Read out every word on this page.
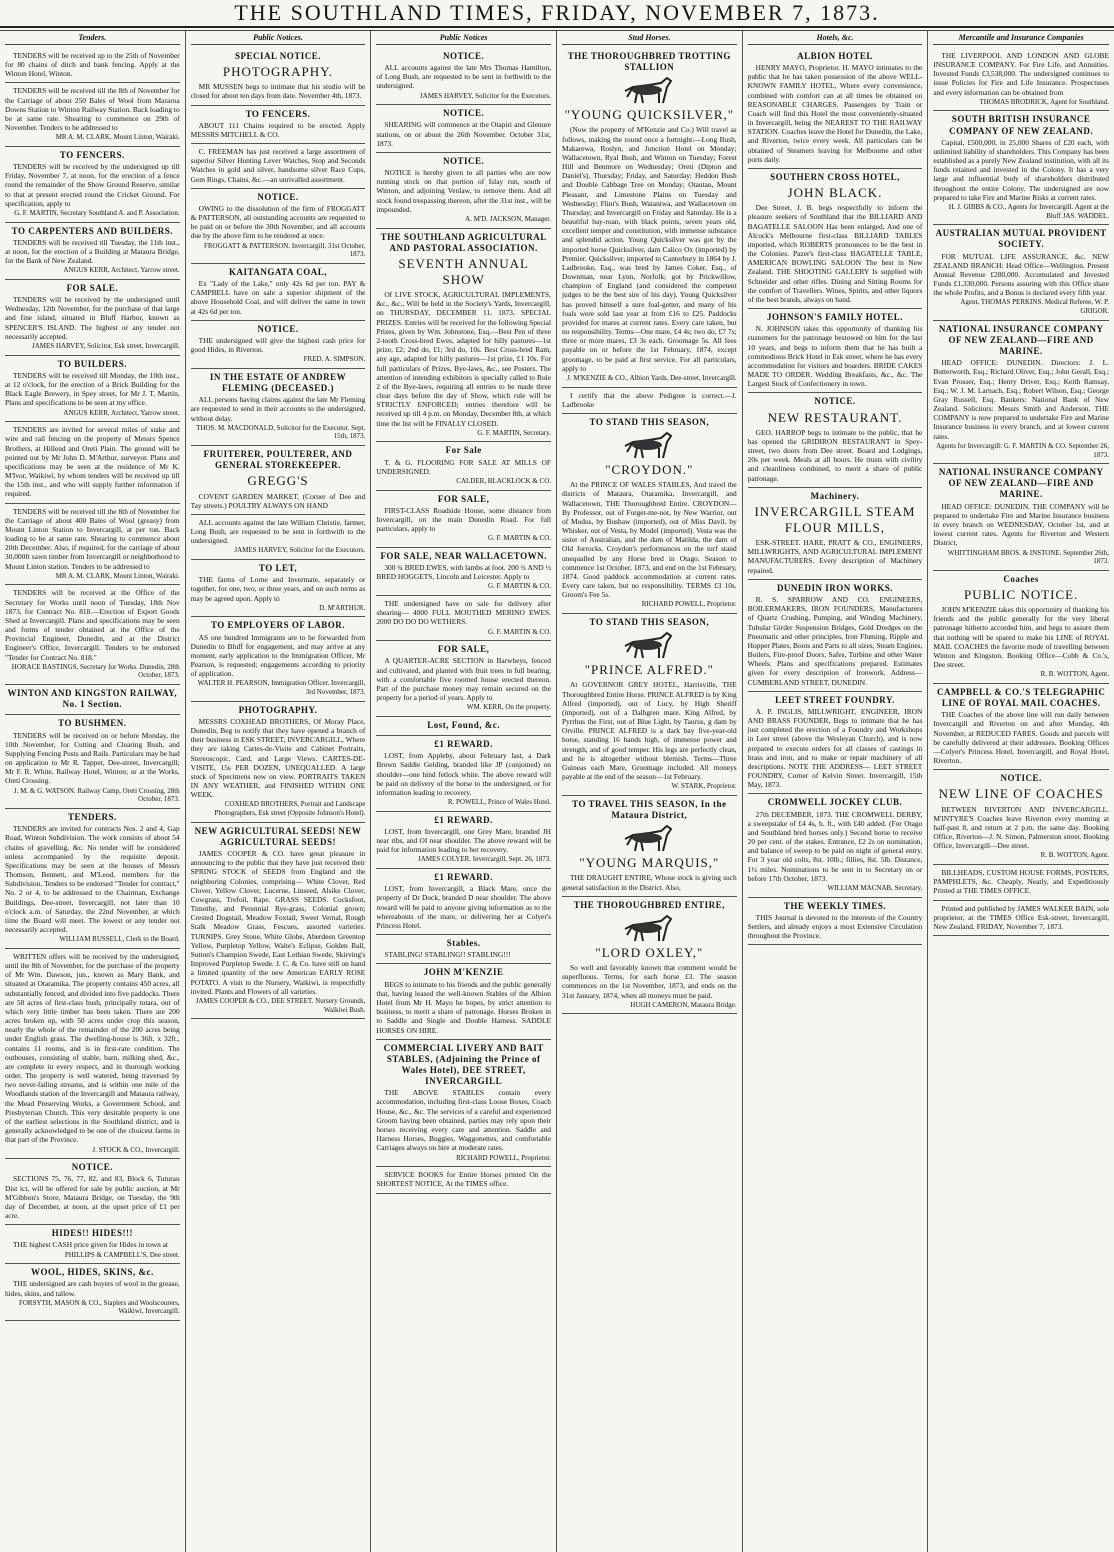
THE SOUTHLAND TIMES, FRIDAY, NOVEMBER 7, 1873.
Tenders.

TENDERS will be received up to the 25th of November for 80 chains of ditch and bank fencing. Apply at the Winton Hotel, Winton.

TENDERS will be received till the 8th of November for the Carriage of about 250 Bales of Wool from Mararoa Downs Station to Winton Railway Station. Back loading to be at same rate. Shearing to commence on 29th of November. Tenders to be addressed to

MR A. M. CLARK, Mount Linton, Wairaki.
TO FENCERS.

TENDERS will be received by the undersigned up till Friday, November 7, at noon, for the erection of a fence round the remainder of the Show Ground Reserve, similar to that at present erected round the Cricket Ground. For specification, apply to

G. F. MARTIN, Secretary Southland A. and P. Association.
TO CARPENTERS AND BUILDERS.

TENDERS will be received till Tuesday, the 11th inst., at noon, for the erection of a Building at Mataura Bridge, for the Bank of New Zealand.

ANGUS KERR, Architect, Yarrow street.
FOR SALE.

TENDERS will be received by the undersigned until Wednesday, 12th November, for the purchase of that large and fine island, situated in Bluff Harbor, known as SPENCER'S ISLAND. The highest or any tender not necessarily accepted.

JAMES HARVEY, Solicitor, Esk street, Invercargill.
TO BUILDERS.

TENDERS will be received till Monday, the 10th inst., at 12 o'clock, for the erection of a Brick Building for the Black Eagle Brewery, in Spey street, for Mr J. T. Martin. Plans and specifications to be seen at my office.

ANGUS KERR, Architect, Yarrow street.

TENDERS are invited for several miles of stake and wire and rail fencing on the property of Messrs Spence Brothers, at Hillend and Oreti Plain. The ground will be pointed out by Mr John D. M'Arthur, surveyor. Plans and specifications may be seen at the residence of Mr K. M'Ivor, Waikiwi, by whom tenders will be received up till the 15th inst., and who will supply further information if required.

TENDERS will be received till the 8th of November for the Carriage of about 400 Bales of Wool (greasy) from Mount Linton Station to Invercargill, at per ton. Back loading to be at same rate. Shearing to commence about 20th December. Also, if required, for the carriage of about 30,000ft sawn timber from Invercargill or neighborhood to Mount Linton station. Tenders to be addressed to

MR A. M. CLARK, Mount Linton, Wairaki.

TENDERS will be received at the Office of the Secretary for Works until noon of Tuesday, 18th Nov 1873, for Contract No. 818.—Erection of Export Goods Shed at Invercargill. Plans and specifications may be seen and forms of tender obtained at the Office of the Provincial Engineer, Dunedin, and at the District Engineer's Office, Invercargill. Tenders to be endorsed "Tender for Contract No. 818."

HORACE BASTINGS, Secretary for Works. Dunedin, 28th October, 1873.
WINTON AND KINGSTON RAILWAY, No. 1 Section.
TO BUSHMEN.

TENDERS will be received on or before Monday, the 10th November, for Cutting and Clearing Bush, and Supplying Fencing Posts and Rails. Particulars may be had on application to Mr R. Tapper, Dee-street, Invercargill; Mr F. R. White, Railway Hotel, Winton; or at the Works, Oreti Crossing.

J. M. & G. WATSON. Railway Camp, Oreti Crossing, 28th October, 1873.
TENDERS.

TENDERS are invited for contracts Nos. 2 and 4, Gap Road, Winton Subdivision. The work consists of about 54 chains of gravelling, &c. No tender will be considered unless accompanied by the requisite deposit. Specifications may be seen at the houses of Messrs Thomson, Bennett, and M'Leod, members for the Subdivision. Tenders to be endorsed "Tender for contract," No. 2 or 4, to be addressed to the Chairman, Exchange Buildings, Dee-street, Invercargill, not later than 10 o'clock a.m. of Saturday, the 22nd November, at which time the Board will meet. The lowest or any tender not necessarily accepted.

WILLIAM RUSSELL, Clerk to the Board.

WRITTEN offers will be received by the undersigned, until the 8th of November, for the purchase of the property of Mr Wm. Dawson, jun., known as Mary Bank, and situated at Otaramika. The property contains 450 acres, all substantially fenced, and divided into five paddocks. There are 50 acres of first-class bush, principally totara, out of which very little timber has been taken. There are 200 acres broken up, with 50 acres under crop this season, nearly the whole of the remainder of the 200 acres being under English grass. The dwelling-house is 36ft. x 32ft., contains 11 rooms, and is in first-rate condition. The outhouses, consisting of stable, barn, milking shed, &c., are complete in every respect, and in thorough working order. The property is well watered, being traversed by two never-failing streams, and is within one mile of the Woodlands station of the Invercargill and Mataura railway, the Mead Preserving Works, a Government School, and Presbyterian Church. This very desirable property is one of the earliest selections in the Southland district, and is generally acknowledged to be one of the choicest farms in that part of the Province.

J. STOCK & CO., Invercargill.
NOTICE.

SECTIONS 75, 76, 77, 82, and 83, Block 6, Tuturau Dist ict, will be offered for sale by public auction, at Mr M'Gibbon's Store, Mataura Bridge, on Tuesday, the 9th day of December, at noon, at the upset price of £1 per acre.

HIDES!! HIDES!!!

THE highest CASH price given for Hides in town at

PHILLIPS & CAMPBELL'S, Dee street.
WOOL, HIDES, SKINS, &c.

THE undersigned are cash buyers of wool in the grease, hides, skins, and tallow.

FORSYTH, MASON & CO., Staplers and Woolscourers, Waikiwi, Invercargill.
Public Notices.
SPECIAL NOTICE.
PHOTOGRAPHY.

MR MUSSEN begs to intimate that his studio will be closed for about ten days from date. November 4th, 1873.

TO FENCERS.

ABOUT 111 Chains required to be erected. Apply MESSRS MITCHELL & CO.

C. FREEMAN has just received a large assortment of superior Silver Hunting Lever Watches, Stop and Seconds Watches in gold and silver, handsome silver Race Cups, Gem Rings, Chains, &c.—an unrivalled assortment.

NOTICE.

OWING to the dissolution of the firm of FROGGATT & PATTERSON, all outstanding accounts are requested to be paid on or before the 30th November, and all accounts due by the above firm to be rendered at once.

FROGGATT & PATTERSON. Invercargill, 31st October, 1873.
KAITANGATA COAL,

Ex "Lady of the Lake," only 42s 6d per ton. PAY & CAMPBELL have on sale a superior shipment of the above Household Coal, and will deliver the same in town at 42s 6d per ton.

NOTICE.

THE undersigned will give the highest cash price for good Hides, in Riverton.

FRED. A. SIMPSON.
IN THE ESTATE OF ANDREW FLEMING (DECEASED.)

ALL persons having claims against the late Mr Fleming are requested to send in their accounts to the undersigned, without delay.

THOS. M. MACDONALD, Solicitor for the Executor. Sept. 15th, 1873.
FRUITERER, POULTERER, AND GENERAL STOREKEEPER.
GREGG'S

COVENT GARDEN MARKET, (Corner of Dee and Tay streets.) POULTRY ALWAYS ON HAND

ALL accounts against the late William Christie, farmer, Long Bush, are requested to be sent in forthwith to the undersigned.

JAMES HARVEY, Solicitor for the Executors.
TO LET,

THE farms of Lorne and Invermate, separately or together, for one, two, or three years, and on such terms as may be agreed upon. Apply to

D. M'ARTHUR.
TO EMPLOYERS OF LABOR.

AS one hundred Immigrants are to be forwarded from Dunedin to Bluff for engagement, and may arrive at any moment, early application to the Immigration Officer, Mr Pearson, is requested; engagements according to priority of application.

WALTER H. PEARSON, Immigration Officer. Invercargill, 3rd November, 1873.
PHOTOGRAPHY.

MESSRS COXHEAD BROTHERS, Of Moray Place, Dunedin, Beg to notify that they have opened a branch of their business in ESK STREET, INVERCARGILL, Where they are taking Cartes-de-Visite and Cabinet Portraits, Stereoscopic, Card, and Large Views. CARTES-DE-VISITE, 15s PER DOZEN, UNEQUALLED. A large stock of Specimens now on view. PORTRAITS TAKEN IN ANY WEATHER, and FINISHED WITHIN ONE WEEK.

COXHEAD BROTHERS, Portrait and Landscape Photographers, Esk street (Opposite Johnson's Hotel).
NEW AGRICULTURAL SEEDS! NEW AGRICULTURAL SEEDS!

JAMES COOPER & CO. have great pleasure in announcing to the public that they have just received their SPRING STOCK of SEEDS from England and the neighboring Colonies, comprising— White Clover, Red Clover, Yellow Clover, Lucerne, Linseed, Alsike Clover, Cowgrass, Trefoil, Rape. GRASS SEEDS. Cocksfoot, Timothy, and Perennial Rye-grass, Colonial grown; Crested Dogstail, Meadow Foxtail, Sweet Vernal, Rough Stalk Meadow Grass, Fescues, assorted varieties. TURNIPS. Grey Stone, White Globe, Aberdeen Greentop Yellow, Purpletop Yellow, Waite's Eclipse, Golden Ball, Sutton's Champion Swede, East Lothian Swede, Skirving's Improved Purpletop Swede. J. C. & Co. have still on hand a limited quantity of the new American EARLY ROSE POTATO. A visit to the Nursery, Waikiwi, is respectfully invited. Plants and Flowers of all varieties.

JAMES COOPER & CO., DEE STREET. Nursery Grounds, Waikiwi Bush.
Public Notices
NOTICE.

ALL accounts against the late Mrs Thomas Hamilton, of Long Bush, are requested to be sent in forthwith to the undersigned.

JAMES HARVEY, Solicitor for the Executors.
NOTICE.

SHEARING will commence at the Otapiri and Glenure stations, on or about the 26th November. October 31st, 1873.

NOTICE.

NOTICE is hereby given to all parties who are now running stock on that portion of Islay run, south of Winton, and adjoining Venlaw, to remove them. And all stock found trespassing thereon, after the 31st inst., will be impounded.

A. M'D. JACKSON, Manager.
THE SOUTHLAND AGRICULTURAL AND PASTORAL ASSOCIATION.
SEVENTH ANNUAL SHOW

Of LIVE STOCK, AGRICULTURAL IMPLEMENTS, &c., &c., Will be held in the Society's Yards, Invercargill, on THURSDAY, DECEMBER 11, 1873. SPECIAL PRIZES. Entries will be received for the following Special Prizes, given by Wm. Johnstone, Esq.—Best Pen of three 2-tooth Cross-bred Ewes, adapted for hilly pastures—1st prize, £2; 2nd do, £1; 3rd do, 10s. Best Cross-bred Ram, any age, adapted for hilly pastures—1st prize, £1 10s. For full particulars of Prizes, Bye-laws, &c., see Posters. The attention of intending exhibitors is specially called to Rule 2 of the Bye-laws, requiring all entries to be made three clear days before the day of Show, which rule will be STRICTLY ENFORCED; entries therefore will be received up till 4 p.m. on Monday, December 8th, at which time the list will be FINALLY CLOSED.

G. F. MARTIN, Secretary.
For Sale

T. & G. FLOORING FOR SALE AT MILLS OF UNDERSIGNED.

CALDER, BLACKLOCK & CO.
FOR SALE,

FIRST-CLASS Roadside House, some distance from Invercargill, on the main Dunedin Road. For full particulars, apply to

G. F. MARTIN & CO.
FOR SALE, NEAR WALLACETOWN.

300 ¾ BRED EWES, with lambs at foot. 200 ¾ AND ½ BRED HOGGETS, Lincoln and Leicester. Apply to

G. F. MARTIN & CO.

THE undersigned have on sale for delivery after shearing— 4000 FULL MOUTHED MERINO EWES. 2000 DO DO DO WETHERS.

G. F. MARTIN & CO.
FOR SALE,

A QUARTER-ACRE SECTION in Barwheys, fenced and cultivated, and planted with fruit trees in full bearing, with a comfortable five roomed house erected thereon. Part of the purchase money may remain secured on the property for a period of years. Apply to

WM. KERR, On the property.
Lost, Found, &c.
£1 REWARD.

LOST, from Appleby, about February last, a Dark Brown Saddle Gelding, branded like JP (conjoined) on shoulder—one hind fetlock white. The above reward will be paid on delivery of the horse to the undersigned, or for information leading to recovery.

R. POWELL, Prince of Wales Hotel.
£1 REWARD.

LOST, from Invercargill, one Grey Mare, branded JH near ribs, and OI near shoulder. The above reward will be paid for information leading to her recovery.

JAMES COLYER. Invercargill, Sept. 26, 1873.
£1 REWARD.

LOST, from Invercargill, a Black Mare, once the property of Dr Dock, branded D near shoulder. The above reward will be paid to anyone giving information as to the whereabouts of the mare, or delivering her at Colyer's Princess Hotel.

Stables.

STABLING! STABLING!! STABLING!!!

JOHN M'KENZIE

BEGS to intimate to his friends and the public generally that, having leased the well-known Stables of the Albion Hotel from Mr H. Mayo he hopes, by strict attention to business, to merit a share of patronage. Horses Broken in to Saddle and Single and Double Harness. SADDLE HORSES ON HIRE.

COMMERCIAL LIVERY AND BAIT STABLES, (Adjoining the Prince of Wales Hotel), DEE STREET, INVERCARGILL

THE ABOVE STABLES contain every accommodation, including first-class Loose Boxes, Coach House, &c., &c. The services of a careful and experienced Groom having been obtained, parties may rely upon their horses receiving every care and attention. Saddle and Harness Horses, Buggies, Waggonettes, and comfortable Carriages always on hire at moderate rates.

RICHARD POWELL, Proprietor.

SERVICE BOOKS for Entire Horses printed On the SHORTEST NOTICE, At the TIMES office.

Stud Horses.
THE THOROUGHBRED TROTTING STALLION
"YOUNG QUICKSILVER,"

(Now the property of M'Kenzie and Co.) Will travel as follows, making the round once a fortnight:—Long Bush, Makarewa, Roslyn, and Junction Hotel on Monday; Wallacetown, Ryal Bush, and Winton on Tuesday; Forest Hill and Benmore on Wednesday; Oreti (Dipton and Daniel's), Thursday; Friday, and Saturday; Heddon Bush and Double Cabbage Tree on Monday; Otautau, Mount Pleasant, and Limestone Plains on Tuesday and Wednesday; Flint's Bush, Waianiwa, and Wallacetown on Thursday; and Invercargill on Friday and Saturday. He is a beautiful bay-roan, with black points, seven years old, excellent temper and constitution, with immense substance and splendid action. Young Quicksilver was got by the imported horse Quicksilver, dam Calico Ox (imported) by Premier. Quicksilver, imported to Canterbury in 1864 by J. Ladbrooke, Esq., was bred by James Coker, Esq., of Downman, near Lynn, Norfolk; got by Prickwillow, champion of England (and considered the competent judges to be the best sire of his day). Young Quicksilver has proved himself a sure foal-getter, and many of his foals were sold last year at from £16 to £25. Paddocks provided for mares at current rates. Every care taken, but no responsibility. Terms—One mare, £4 4s; two do, £7 7s; three or more mares, £3 3s each. Groomage 5s. All fees payable on or before the 1st February, 1874, except groomage, to be paid at first service. For all particulars, apply to

J. M'KENZIE & CO., Albion Yards, Dee-street, Invercargill.

I certify that the above Pedigree is correct.—J. Ladbrooke

TO STAND THIS SEASON,
"CROYDON."

At the PRINCE OF WALES STABLES, And travel the districts of Mataura, Otaramika, Invercargill, and Wallacetown, THE Thoroughbred Entire. CROYDON—By Professor, out of Forget-me-not, by New Warrior, out of Modus, by Busbaw (imported), out of Miss Davil, by Whisker, out of Vesta, by Model (imported). Vesta was the sister of Australian, and the dam of Matilda, the dam of Old Jorrocks. Croydon's performances on the turf stand unequalled by any Horse bred in Otago. Season to commence 1st October, 1873, and end on the 1st February, 1874. Good paddock accommodation at current rates. Every care taken, but no responsibility. TERMS £3 10s. Groom's Fee 5s.

RICHARD POWELL, Proprietor.
TO STAND THIS SEASON,
"PRINCE ALFRED."

At GOVERNOR GREY HOTEL, Harrisville, THE Thoroughbred Entire Horse. PRINCE ALFRED is by King Alfred (imported), out of Lucy, by High Sheriff (imported), out of a Dalhgren mare. King Alfred, by Pyrrhus the First, out of Blue Light, by Taurus, g dam by Orville. PRINCE ALFRED is a dark bay five-year-old horse, standing 16 hands high, of immense power and strength, and of good temper. His legs are perfectly clean, and he is altogether without blemish. Terms—Three Guineas each Mare, Groomage included. All moneys payable at the end of the season—1st February.

W. STARK, Proprietor.
TO TRAVEL THIS SEASON, In the Mataura District,
"YOUNG MARQUIS,"

THE DRAUGHT ENTIRE, Whose stock is giving such general satisfaction in the District. Also,

THE THOROUGHBRED ENTIRE,
"LORD OXLEY,"

So well and favorably known that comment would be superfluous. Terms, for each horse £3. The season commences on the 1st November, 1873, and ends on the 31st January, 1874, when all moneys must be paid.

HUGH CAMERON, Mataura Bridge.
Hotels, &c.
ALBION HOTEL

HENRY MAYO, Proprietor. H. MAYO intimates to the public that he has taken possession of the above WELL-KNOWN FAMILY HOTEL, Where every convenience, combined with comfort can at all times be obtained on REASONABLE CHARGES. Passengers by Train or Coach will find this Hotel the most conveniently-situated in Invercargill, being the NEAREST TO THE RAILWAY STATION. Coaches leave the Hotel for Dunedin, the Lake, and Riverton, twice every week. All particulars can be obtained of Steamers leaving for Melbourne and other ports daily.

SOUTHERN CROSS HOTEL,
JOHN BLACK.

Dee Street, J. B. begs respectfully to inform the pleasure seekers of Southland that the BILLIARD AND BAGATELLE SALOON Has been enlarged, And one of Alcock's Melbourne first-class BILLIARD TABLES imported, which ROBERTS pronounces to be the best in the Colonies. Pazer's first-class BAGATELLE TABLE, AMERICAN BOWLING SALOON The best in New Zealand. THE SHOOTING GALLERY Is supplied with Schneider and other rifles. Dining and Sitting Rooms for the comfort of Travellers. Wines, Spirits, and other liquors of the best brands, always on hand.

JOHNSON'S FAMILY HOTEL.

N. JOHNSON takes this opportunity of thanking his customers for the patronage bestowed on him for the last 10 years, and begs to inform them that he has built a commodious Brick Hotel in Esk street, where he has every accommodation for visitors and boarders. BRIDE CAKES MADE TO ORDER. Wedding Breakfasts, &c., &c. The Largest Stock of Confectionery in town.

NOTICE.
NEW RESTAURANT.

GEO. HARROP begs to intimate to the public, that he has opened the GRIDIRON RESTAURANT in Spey-street, two doors from Dee street. Board and Lodgings, 20s per week. Meals at all hours. He trusts with civility and cleanliness combined, to merit a share of public patronage.

Machinery.
INVERCARGILL STEAM FLOUR MILLS,

ESK-STREET. HARE, PRATT & CO., ENGINEERS, MILLWRIGHTS, AND AGRICULTURAL IMPLEMENT MANUFACTURERS. Every description of Machinery repaired.

DUNEDIN IRON WORKS.

R. S. SPARROW AND CO. ENGINEERS, BOILERMAKERS, IRON FOUNDERS, Manufacturers of Quartz Crushing, Pumping, and Winding Machinery, Tubular Girder Suspension Bridges, Gold Dredges on the Pneumatic and other principles, Iron Fluming, Ripple and Hopper Plates, Boots and Parts to all sizes, Steam Engines, Boilers, Fire-proof Doors, Safes, Turbine and other Water Wheels. Plans and specifications prepared. Estimates given for every description of Ironwork. Address— CUMBERLAND STREET, DUNEDIN.

LEET STREET FOUNDRY.

A. P. INGLIS, MILLWRIGHT, ENGINEER, IRON AND BRASS FOUNDER, Begs to intimate that he has just completed the erection of a Foundry and Workshops in Leet street (above the Wesleyan Church), and is now prepared to execute orders for all classes of castings in brass and iron, and to make or repair machinery of all descriptions. NOTE THE ADDRESS— LEET STREET FOUNDRY, Corner of Kelvin Street. Invercargill, 15th May, 1873.

CROMWELL JOCKEY CLUB.

27th DECEMBER, 1873. THE CROMWELL DERBY, a sweepstake of £4 4s, h. ft., with £40 added. (For Otago and Southland bred horses only.) Second horse to receive 20 per cent. of the stakes. Entrance, £2 2s on nomination, and balance of sweep to be paid on night of general entry. For 3 year old colts, 8st. 10lb.; fillies, 8st. 5lb. Distance, 1½ miles. Nominations to be sent in to Secretary on or before 17th October, 1873.

WILLIAM MACNAB, Secretary.
THE WEEKLY TIMES.

THIS Journal is devoted to the interests of the Country Settlers, and already enjoys a most Extensive Circulation throughout the Province.

Mercantile and Insurance Companies

THE LIVERPOOL AND LONDON AND GLOBE INSURANCE COMPANY. For Fire Life, and Annuities. Invested Funds £3,538,000. The undersigned continues to issue Policies for Fire and Life Insurance. Prospectuses and every information can be obtained from

THOMAS BRODRICK, Agent for Southland.
SOUTH BRITISH INSURANCE COMPANY OF NEW ZEALAND.

Capital, £500,000, in 25,000 Shares of £20 each, with unlimited liability of shareholders. This Company has been established as a purely New Zealand institution, with all its funds retained and invested in the Colony. It has a very large and influential body of shareholders distributed throughout the entire Colony. The undersigned are now prepared to take Fire and Marine Risks at current rates.

H. J. GIBBS & CO., Agents for Invercargill. Agent at the Bluff JAS. WADDEL.
AUSTRALIAN MUTUAL PROVIDENT SOCIETY.

FOR MUTUAL LIFE ASSURANCE, &c. NEW ZEALAND BRANCH: Head Office—Wellington. Present Annual Revenue £280,000. Accumulated and Invested Funds £1,330,000. Persons assuring with this Office share the whole Profits, and a Bonus is declared every fifth year.

Agent, THOMAS PERKINS. Medical Referee, W. P. GRIGOR.
NATIONAL INSURANCE COMPANY OF NEW ZEALAND—FIRE AND MARINE.

HEAD OFFICE: DUNEDIN. Directors: J. L. Butterworth, Esq.; Richard Oliver, Esq.; John Gerall, Esq.; Evan Prosser, Esq.; Henry Driver, Esq.; Keith Ramsay, Esq.; W. J. M. Larnach, Esq.; Robert Wilson, Esq.; George Gray Russell, Esq. Bankers: National Bank of New Zealand. Solicitors: Messrs Smith and Anderson. THE COMPANY is now prepared to undertake Fire and Marine Insurance business in every branch, and at lowest current rates.

Agents for Invercargill: G. F. MARTIN & CO. September 26, 1873.
NATIONAL INSURANCE COMPANY OF NEW ZEALAND—FIRE AND MARINE.

HEAD OFFICE: DUNEDIN. THE COMPANY will be prepared to undertake Fire and Marine Insurance business in every branch on WEDNESDAY, October 1st, and at lowest current rates. Agents for Riverton and Western District,

WHITTINGHAM BROS. & INSTONE. September 26th, 1873.
Coaches
PUBLIC NOTICE.

JOHN M'KENZIE takes this opportunity of thanking his friends and the public generally for the very liberal patronage hitherto accorded him, and begs to assure them that nothing will be spared to make his LINE of ROYAL MAIL COACHES the favorite mode of travelling between Winton and Kingston. Booking Office—Cobb & Co.'s, Dee street.

R. B. WOTTON, Agent.
CAMPBELL & CO.'S TELEGRAPHIC LINE OF ROYAL MAIL COACHES.

THE Coaches of the above line will run daily between Invercargill and Riverton on and after Monday, 4th November, at REDUCED FARES. Goods and parcels will be carefully delivered at their addresses. Booking Offices—Colyer's Princess Hotel, Invercargill, and Royal Hotel, Riverton.

NOTICE.
NEW LINE OF COACHES

BETWEEN RIVERTON AND INVERCARGILL. M'INTYRE'S Coaches leave Riverton every morning at half-past 8, and return at 2 p.m. the same day. Booking Office, Riverton—J. N. Simon, Palmerston street. Booking Office, Invercargill—Dee street.

R. B. WOTTON, Agent.

BILLHEADS, CUSTOM HOUSE FORMS, POSTERS, PAMPHLETS, &c. Cheaply, Neatly, and Expeditiously Printed at THE TIMES OFFICE.

Printed and published by JAMES WALKER BAIN, sole proprietor, at the TIMES Office Esk-street, Invercargill, New Zealand. FRIDAY, November 7, 1873.
